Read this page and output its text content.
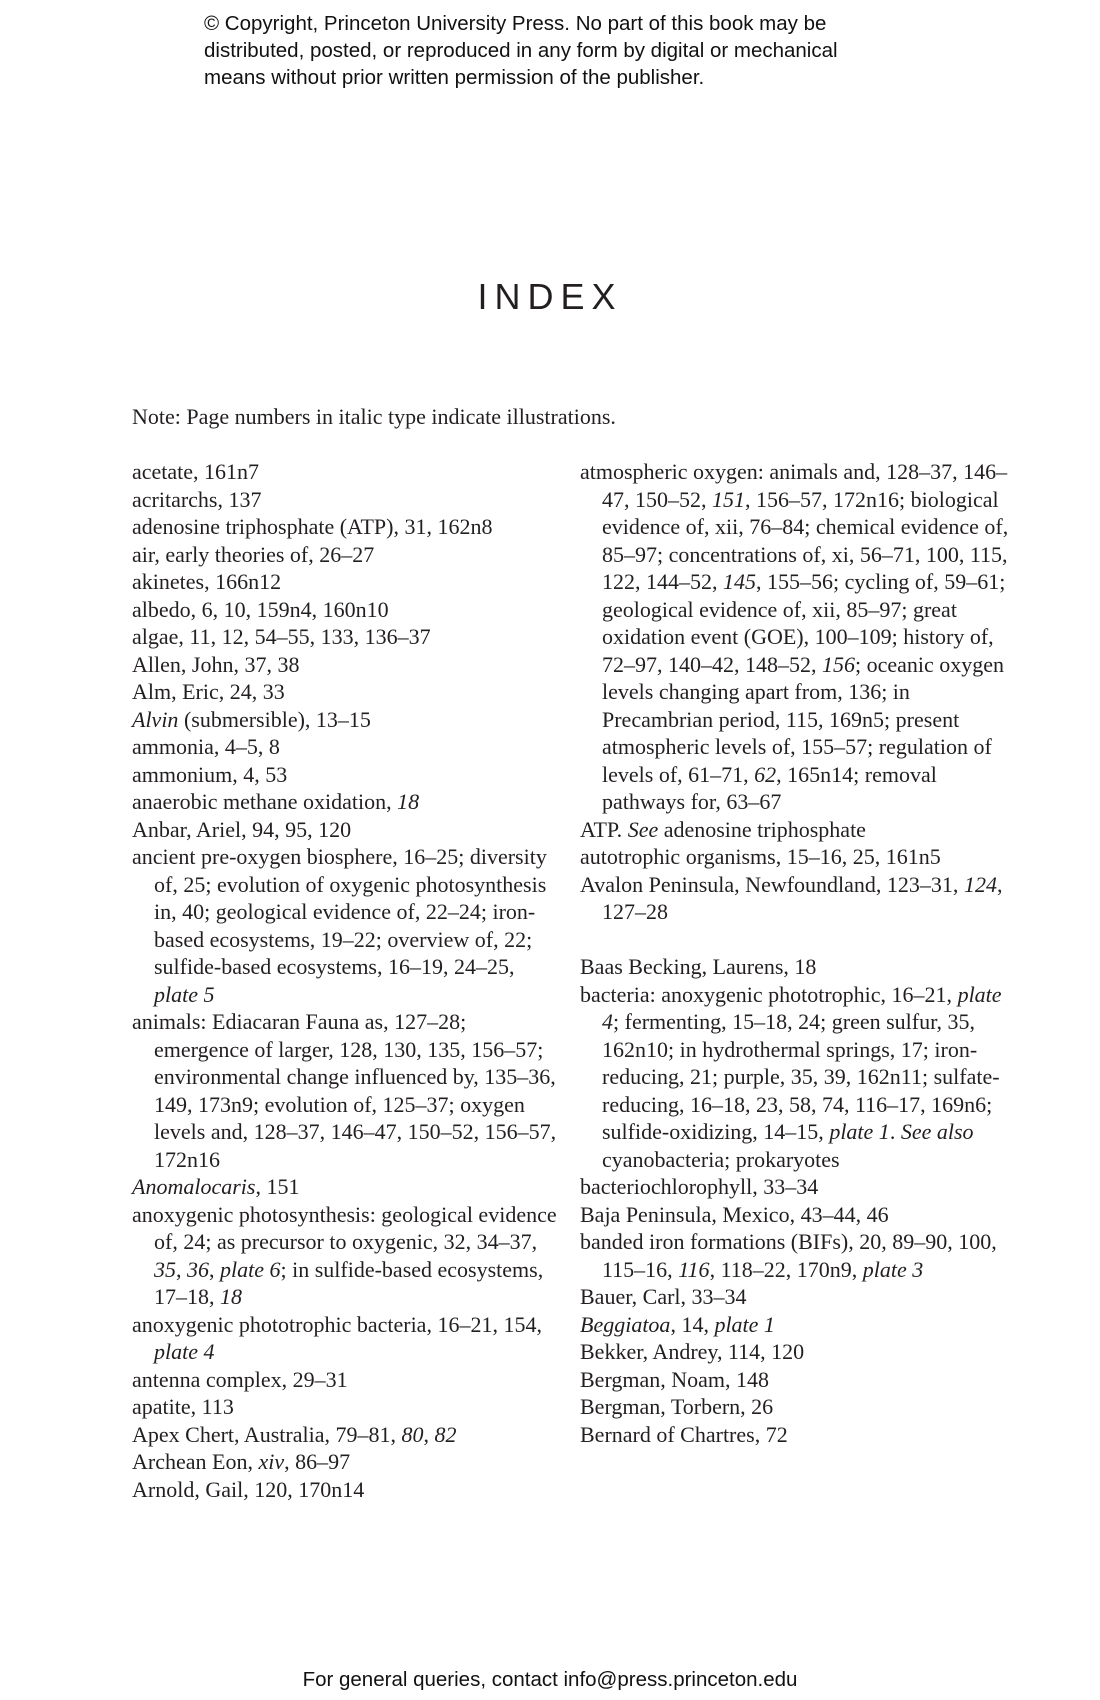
© Copyright, Princeton University Press. No part of this book may be
distributed, posted, or reproduced in any form by digital or mechanical
means without prior written permission of the publisher.
INDEX
Note: Page numbers in italic type indicate illustrations.
acetate, 161n7
acritarchs, 137
adenosine triphosphate (ATP), 31, 162n8
air, early theories of, 26–27
akinetes, 166n12
albedo, 6, 10, 159n4, 160n10
algae, 11, 12, 54–55, 133, 136–37
Allen, John, 37, 38
Alm, Eric, 24, 33
Alvin (submersible), 13–15
ammonia, 4–5, 8
ammonium, 4, 53
anaerobic methane oxidation, 18
Anbar, Ariel, 94, 95, 120
ancient pre-oxygen biosphere, 16–25; diversity of, 25; evolution of oxygenic photosynthesis in, 40; geological evidence of, 22–24; iron-based ecosystems, 19–22; overview of, 22; sulfide-based ecosystems, 16–19, 24–25, plate 5
animals: Ediacaran Fauna as, 127–28; emergence of larger, 128, 130, 135, 156–57; environmental change influenced by, 135–36, 149, 173n9; evolution of, 125–37; oxygen levels and, 128–37, 146–47, 150–52, 156–57, 172n16
Anomalocaris, 151
anoxygenic photosynthesis: geological evidence of, 24; as precursor to oxygenic, 32, 34–37, 35, 36, plate 6; in sulfide-based ecosystems, 17–18, 18
anoxygenic phototrophic bacteria, 16–21, 154, plate 4
antenna complex, 29–31
apatite, 113
Apex Chert, Australia, 79–81, 80, 82
Archean Eon, xiv, 86–97
Arnold, Gail, 120, 170n14
atmospheric oxygen: animals and, 128–37, 146–47, 150–52, 151, 156–57, 172n16; biological evidence of, xii, 76–84; chemical evidence of, 85–97; concentrations of, xi, 56–71, 100, 115, 122, 144–52, 145, 155–56; cycling of, 59–61; geological evidence of, xii, 85–97; great oxidation event (GOE), 100–109; history of, 72–97, 140–42, 148–52, 156; oceanic oxygen levels changing apart from, 136; in Precambrian period, 115, 169n5; present atmospheric levels of, 155–57; regulation of levels of, 61–71, 62, 165n14; removal pathways for, 63–67
ATP. See adenosine triphosphate
autotrophic organisms, 15–16, 25, 161n5
Avalon Peninsula, Newfoundland, 123–31, 124, 127–28
Baas Becking, Laurens, 18
bacteria: anoxygenic phototrophic, 16–21, plate 4; fermenting, 15–18, 24; green sulfur, 35, 162n10; in hydrothermal springs, 17; iron-reducing, 21; purple, 35, 39, 162n11; sulfate-reducing, 16–18, 23, 58, 74, 116–17, 169n6; sulfide-oxidizing, 14–15, plate 1. See also cyanobacteria; prokaryotes
bacteriochlorophyll, 33–34
Baja Peninsula, Mexico, 43–44, 46
banded iron formations (BIFs), 20, 89–90, 100, 115–16, 116, 118–22, 170n9, plate 3
Bauer, Carl, 33–34
Beggiatoa, 14, plate 1
Bekker, Andrey, 114, 120
Bergman, Noam, 148
Bergman, Torbern, 26
Bernard of Chartres, 72
For general queries, contact info@press.princeton.edu
